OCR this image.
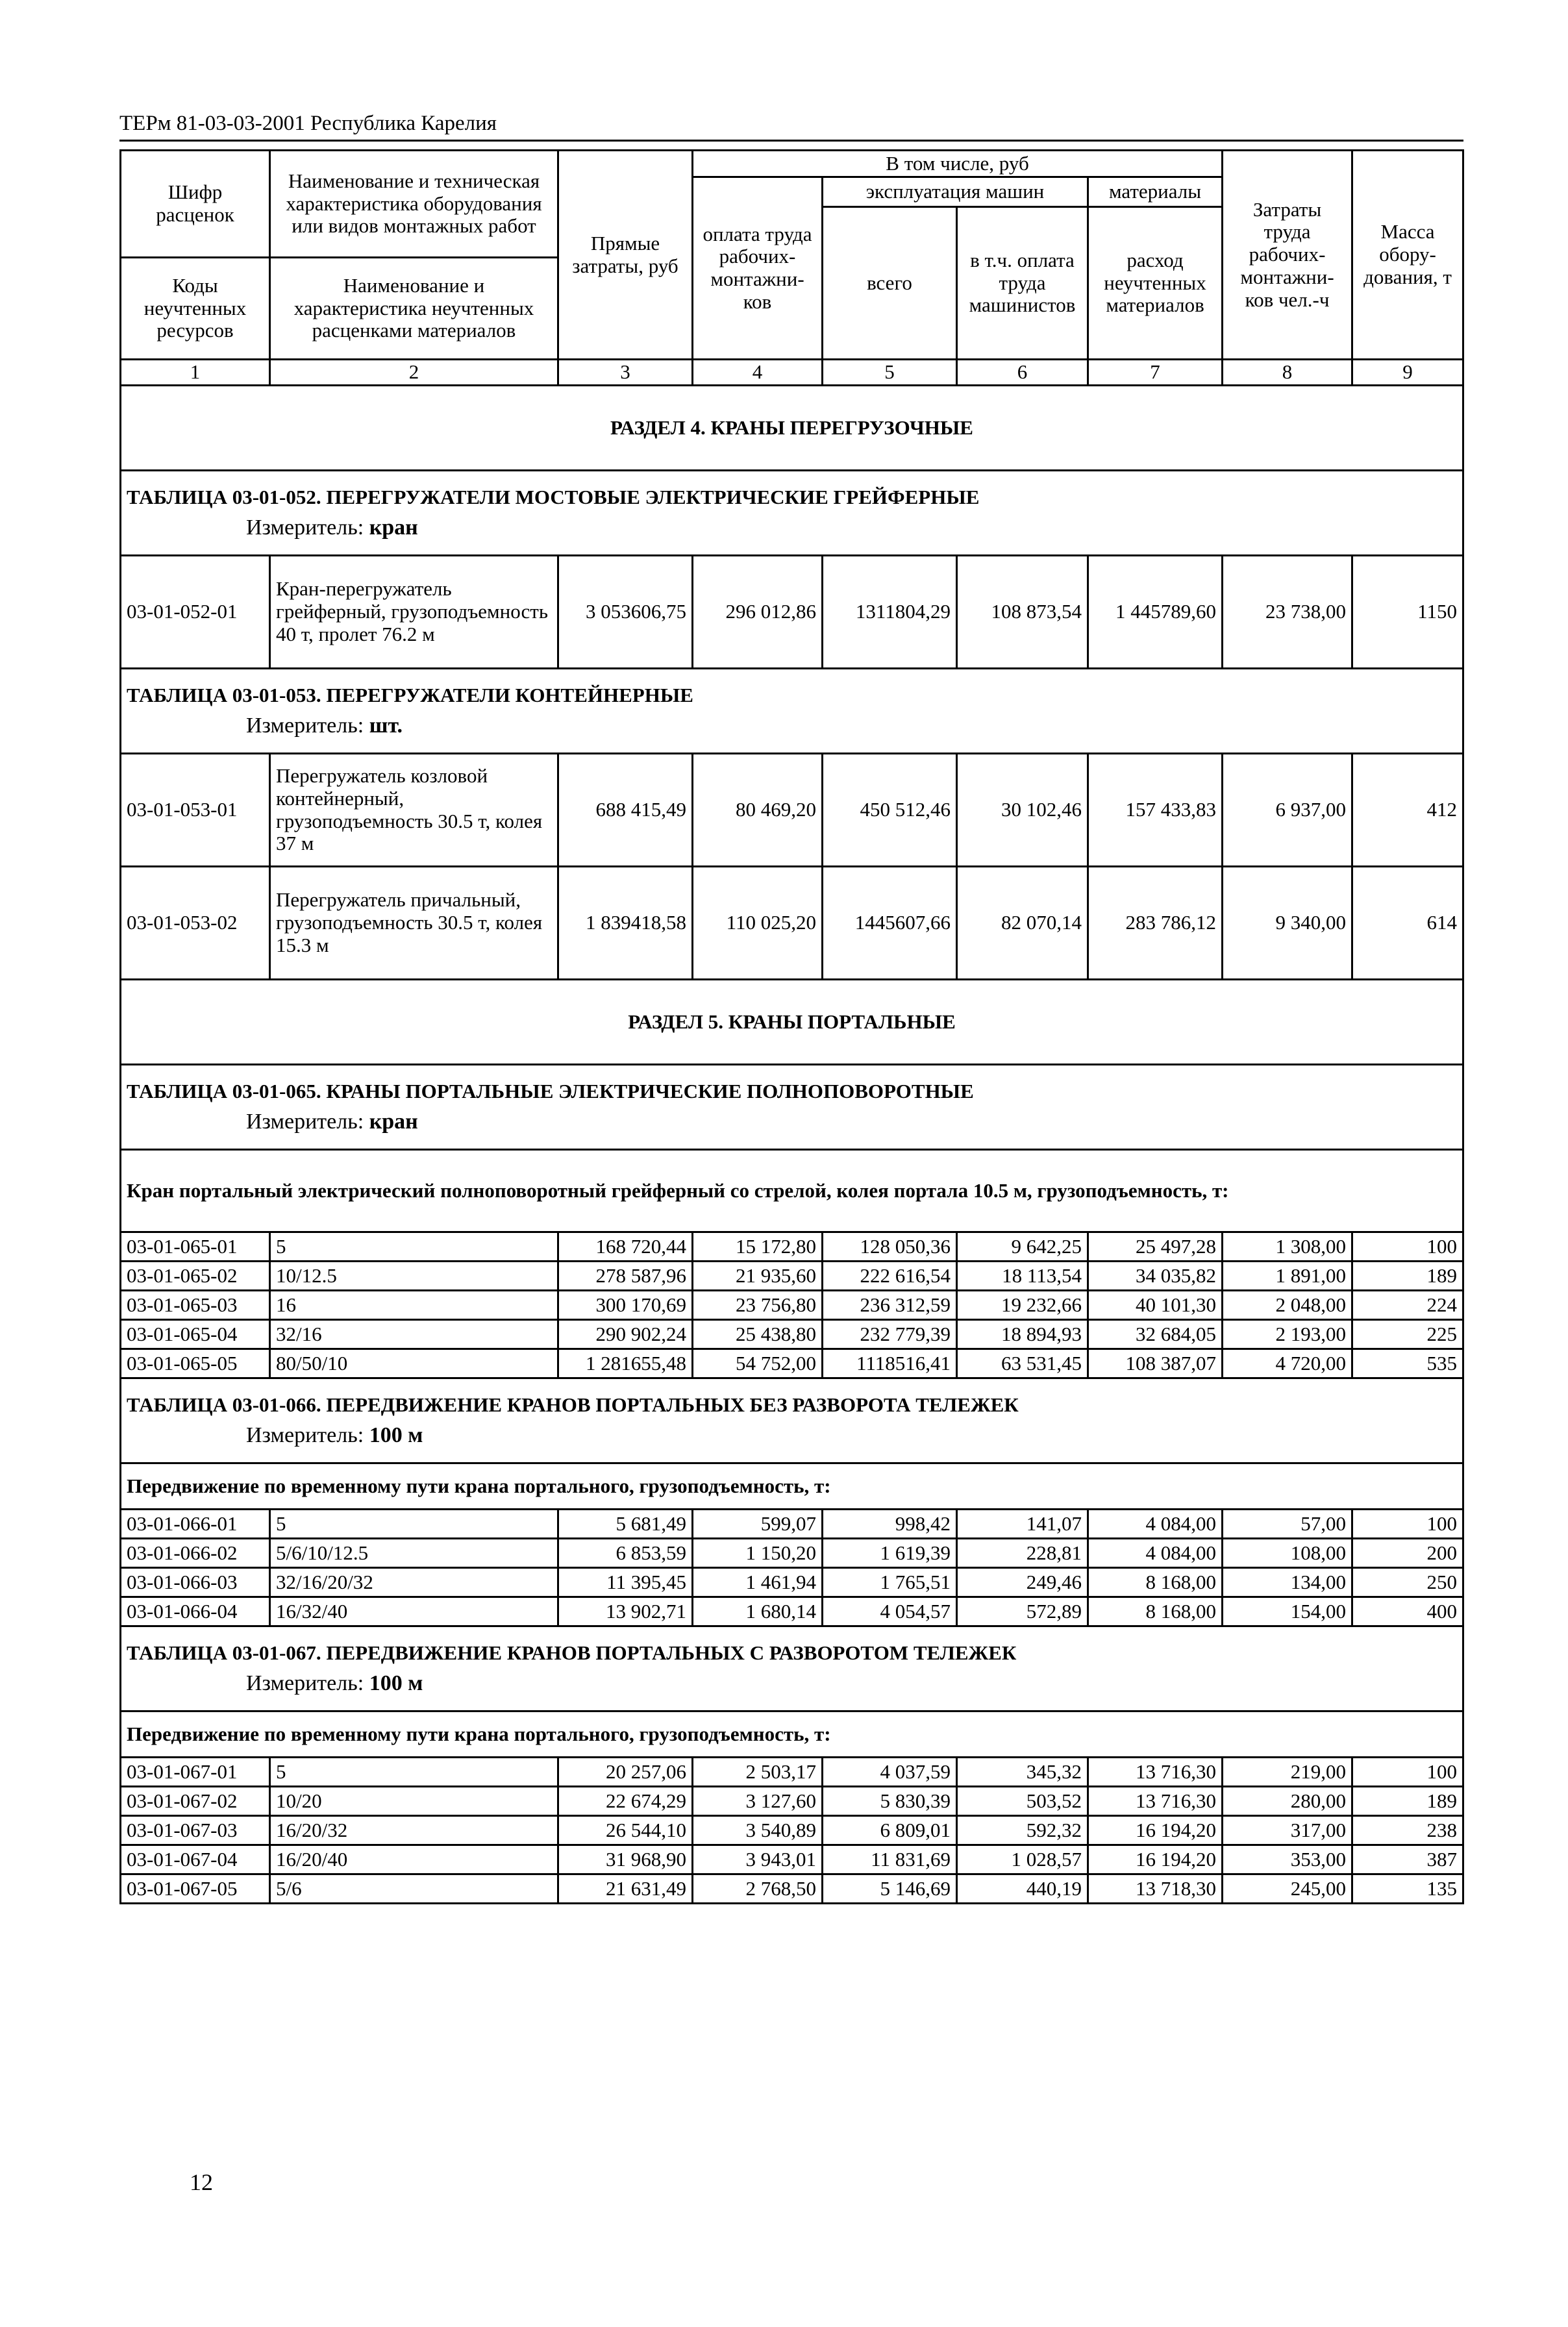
ТЕРм 81-03-03-2001 Республика Карелия
Шифр расценок	Наименование и техническая характеристика оборудования или видов монтажных работ	Прямые затраты, руб	В том числе, руб				Затраты труда рабочих-монтажни-ков чел.-ч	Масса обору-дования, т
			оплата труда рабочих-монтажни-ков	эксплуатация машин		материалы		
				всего	в т.ч. оплата труда машинистов	расход неучтенных материалов		
Коды неучтенных ресурсов	Наименование и характеристика неучтенных расценками материалов							
1	2	3	4	5	6	7	8	9
РАЗДЕЛ 4. КРАНЫ ПЕРЕГРУЗОЧНЫЕ								

ТАБЛИЦА 03-01-052. ПЕРЕГРУЖАТЕЛИ МОСТОВЫЕ ЭЛЕКТРИЧЕСКИЕ ГРЕЙФЕРНЫЕ
Измеритель: кран								

03-01-052-01	Кран-перегружатель грейферный, грузоподъемность 40 т, пролет 76.2 м	3 053606,75	296 012,86	1311804,29	108 873,54	1 445789,60	23 738,00	1150

ТАБЛИЦА 03-01-053. ПЕРЕГРУЖАТЕЛИ КОНТЕЙНЕРНЫЕ
Измеритель: шт.								

03-01-053-01	Перегружатель козловой контейнерный, грузоподъемность 30.5 т, колея 37 м	688 415,49	80 469,20	450 512,46	30 102,46	157 433,83	6 937,00	412
03-01-053-02	Перегружатель причальный, грузоподъемность 30.5 т, колея 15.3 м	1 839418,58	110 025,20	1445607,66	82 070,14	283 786,12	9 340,00	614
РАЗДЕЛ 5. КРАНЫ ПОРТАЛЬНЫЕ								

ТАБЛИЦА 03-01-065. КРАНЫ ПОРТАЛЬНЫЕ ЭЛЕКТРИЧЕСКИЕ ПОЛНОПОВОРОТНЫЕ
Измеритель: кран								

Кран портальный электрический полноповоротный грейферный со стрелой, колея портала 10.5 м, грузоподъемность, т:								
03-01-065-01	5	168 720,44	15 172,80	128 050,36	9 642,25	25 497,28	1 308,00	100
03-01-065-02	10/12.5	278 587,96	21 935,60	222 616,54	18 113,54	34 035,82	1 891,00	189
03-01-065-03	16	300 170,69	23 756,80	236 312,59	19 232,66	40 101,30	2 048,00	224
03-01-065-04	32/16	290 902,24	25 438,80	232 779,39	18 894,93	32 684,05	2 193,00	225
03-01-065-05	80/50/10	1 281655,48	54 752,00	1118516,41	63 531,45	108 387,07	4 720,00	535

ТАБЛИЦА 03-01-066. ПЕРЕДВИЖЕНИЕ КРАНОВ ПОРТАЛЬНЫХ БЕЗ РАЗВОРОТА ТЕЛЕЖЕК
Измеритель: 100 м								

Передвижение по временному пути крана портального, грузоподъемность, т:								
03-01-066-01	5	5 681,49	599,07	998,42	141,07	4 084,00	57,00	100
03-01-066-02	5/6/10/12.5	6 853,59	1 150,20	1 619,39	228,81	4 084,00	108,00	200
03-01-066-03	32/16/20/32	11 395,45	1 461,94	1 765,51	249,46	8 168,00	134,00	250
03-01-066-04	16/32/40	13 902,71	1 680,14	4 054,57	572,89	8 168,00	154,00	400

ТАБЛИЦА 03-01-067. ПЕРЕДВИЖЕНИЕ КРАНОВ ПОРТАЛЬНЫХ С РАЗВОРОТОМ ТЕЛЕЖЕК
Измеритель: 100 м								

Передвижение по временному пути крана портального, грузоподъемность, т:								
03-01-067-01	5	20 257,06	2 503,17	4 037,59	345,32	13 716,30	219,00	100
03-01-067-02	10/20	22 674,29	3 127,60	5 830,39	503,52	13 716,30	280,00	189
03-01-067-03	16/20/32	26 544,10	3 540,89	6 809,01	592,32	16 194,20	317,00	238
03-01-067-04	16/20/40	31 968,90	3 943,01	11 831,69	1 028,57	16 194,20	353,00	387
03-01-067-05	5/6	21 631,49	2 768,50	5 146,69	440,19	13 718,30	245,00	135
12
